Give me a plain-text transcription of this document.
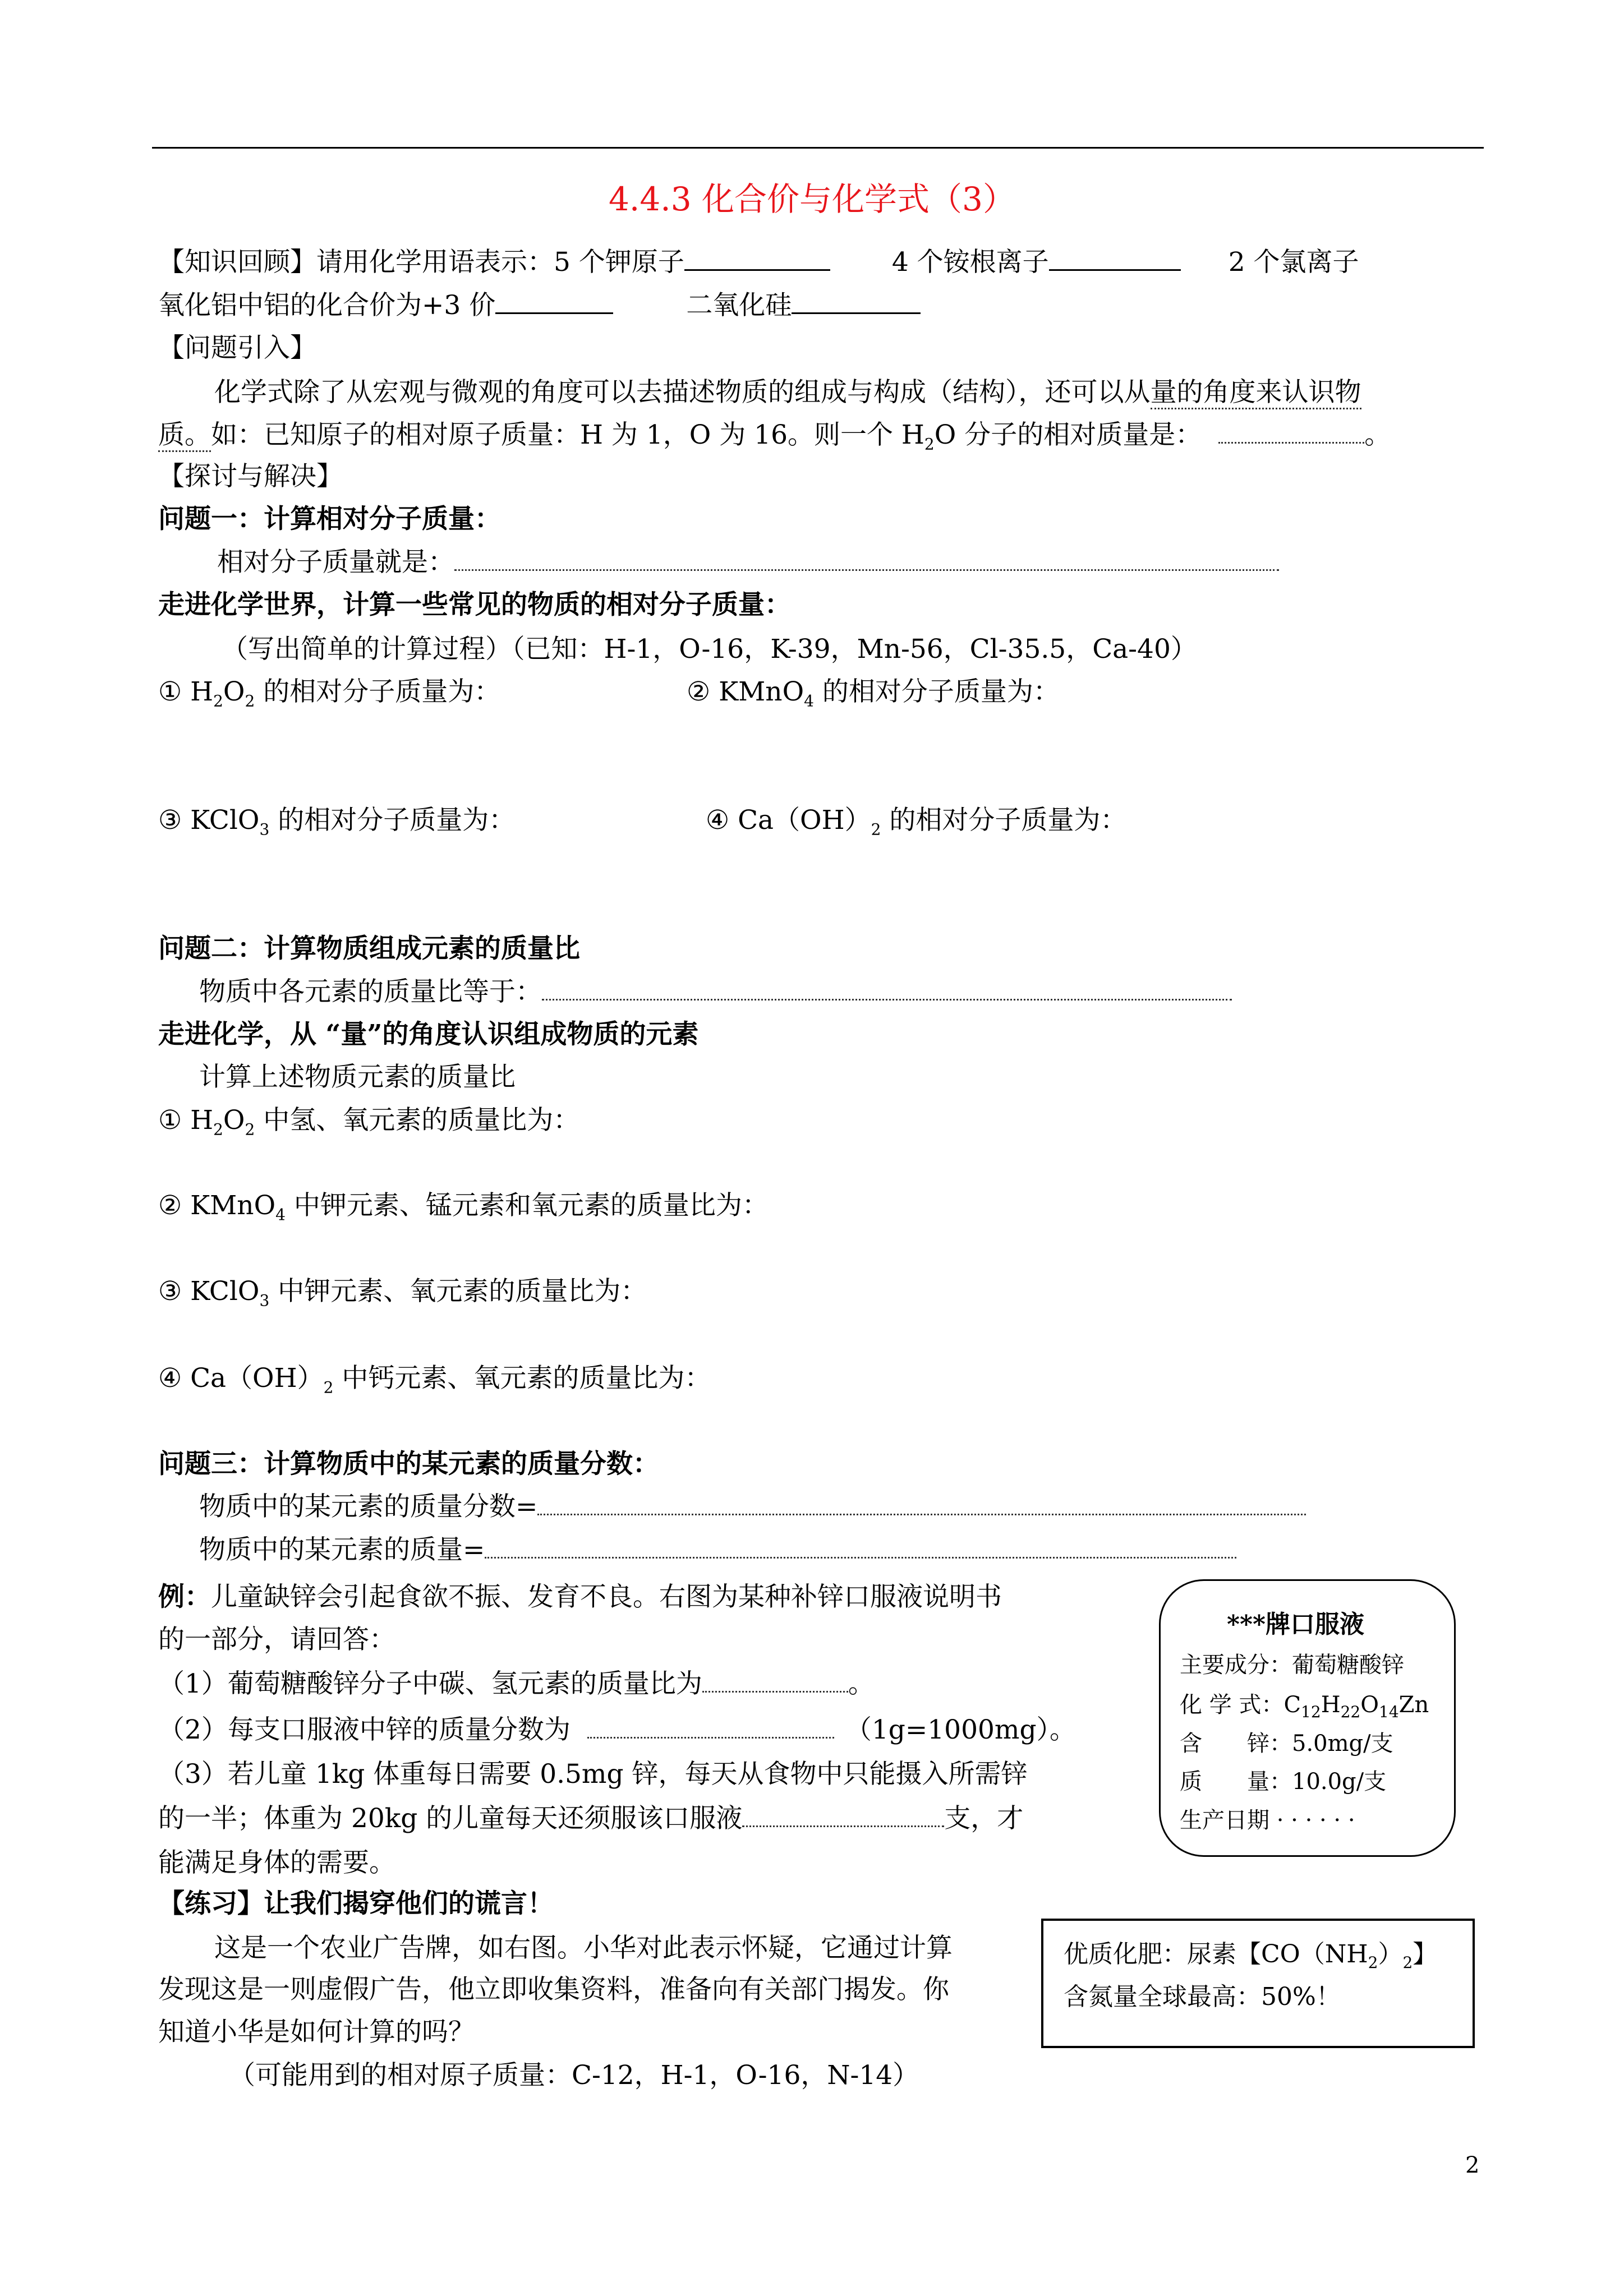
4.4.3 化合价与化学式（3）
【知识回顾】请用化学用语表示：5 个钾原子	4 个铵根离子	2 个氯离子
氧化铝中铝的化合价为+3 价	二氧化硅
【问题引入】
化学式除了从宏观与微观的角度可以去描述物质的组成与构成（结构），还可以从量的角度来认识物
质。如：已知原子的相对原子质量：H 为 1，O 为 16。则一个 $H_2O$ 分子的相对质量是：	。
【探讨与解决】
问题一：计算相对分子质量：
相对分子质量就是：
走进化学世界，计算一些常见的物质的相对分子质量：
（写出简单的计算过程）（已知：H-1，O-16，K-39，Mn-56，Cl-35.5，Ca-40）
① $H_2O_2$ 的相对分子质量为：	② KMnO$_4$ 的相对分子质量为：
③ KClO$_3$ 的相对分子质量为：	④ $Ca(OH)_2$ 的相对分子质量为：
问题二：计算物质组成元素的质量比
物质中各元素的质量比等于：
走进化学，从 “量”的角度认识组成物质的元素
计算上述物质元素的质量比
① $H_2O_2$ 中氢、氧元素的质量比为：
② KMnO$_4$ 中钾元素、锰元素和氧元素的质量比为：
③ KClO$_3$ 中钾元素、氧元素的质量比为：
④ $Ca(OH)_2$ 中钙元素、氧元素的质量比为：
问题三：计算物质中的某元素的质量分数：
物质中的某元素的质量分数=
物质中的某元素的质量=
例：儿童缺锌会引起食欲不振、发育不良。右图为某种补锌口服液说明书
的一部分，请回答：
（1）葡萄糖酸锌分子中碳、氢元素的质量比为	。
（2）每支口服液中锌的质量分数为	（1g=1000mg）。
（3）若儿童 1kg 体重每日需要 0.5mg 锌，每天从食物中只能摄入所需锌
的一半；体重为 20kg 的儿童每天还须服该口服液	支，才
能满足身体的需要。
***牌口服液
主要成分：葡萄糖酸锌
化 学 式：$C_{12}H_{22}O_{14}Zn$
含　　锌：5.0mg/支
质　　量：10.0g/支
生产日期 · · · · · ·
【练习】让我们揭穿他们的谎言！
这是一个农业广告牌，如右图。小华对此表示怀疑，它通过计算
发现这是一则虚假广告，他立即收集资料，准备向有关部门揭发。你
知道小华是如何计算的吗？
（可能用到的相对原子质量：C-12，H-1，O-16，N-14）
优质化肥：尿素【$CO(NH_2)_2$】
含氮量全球最高：50%！
2
